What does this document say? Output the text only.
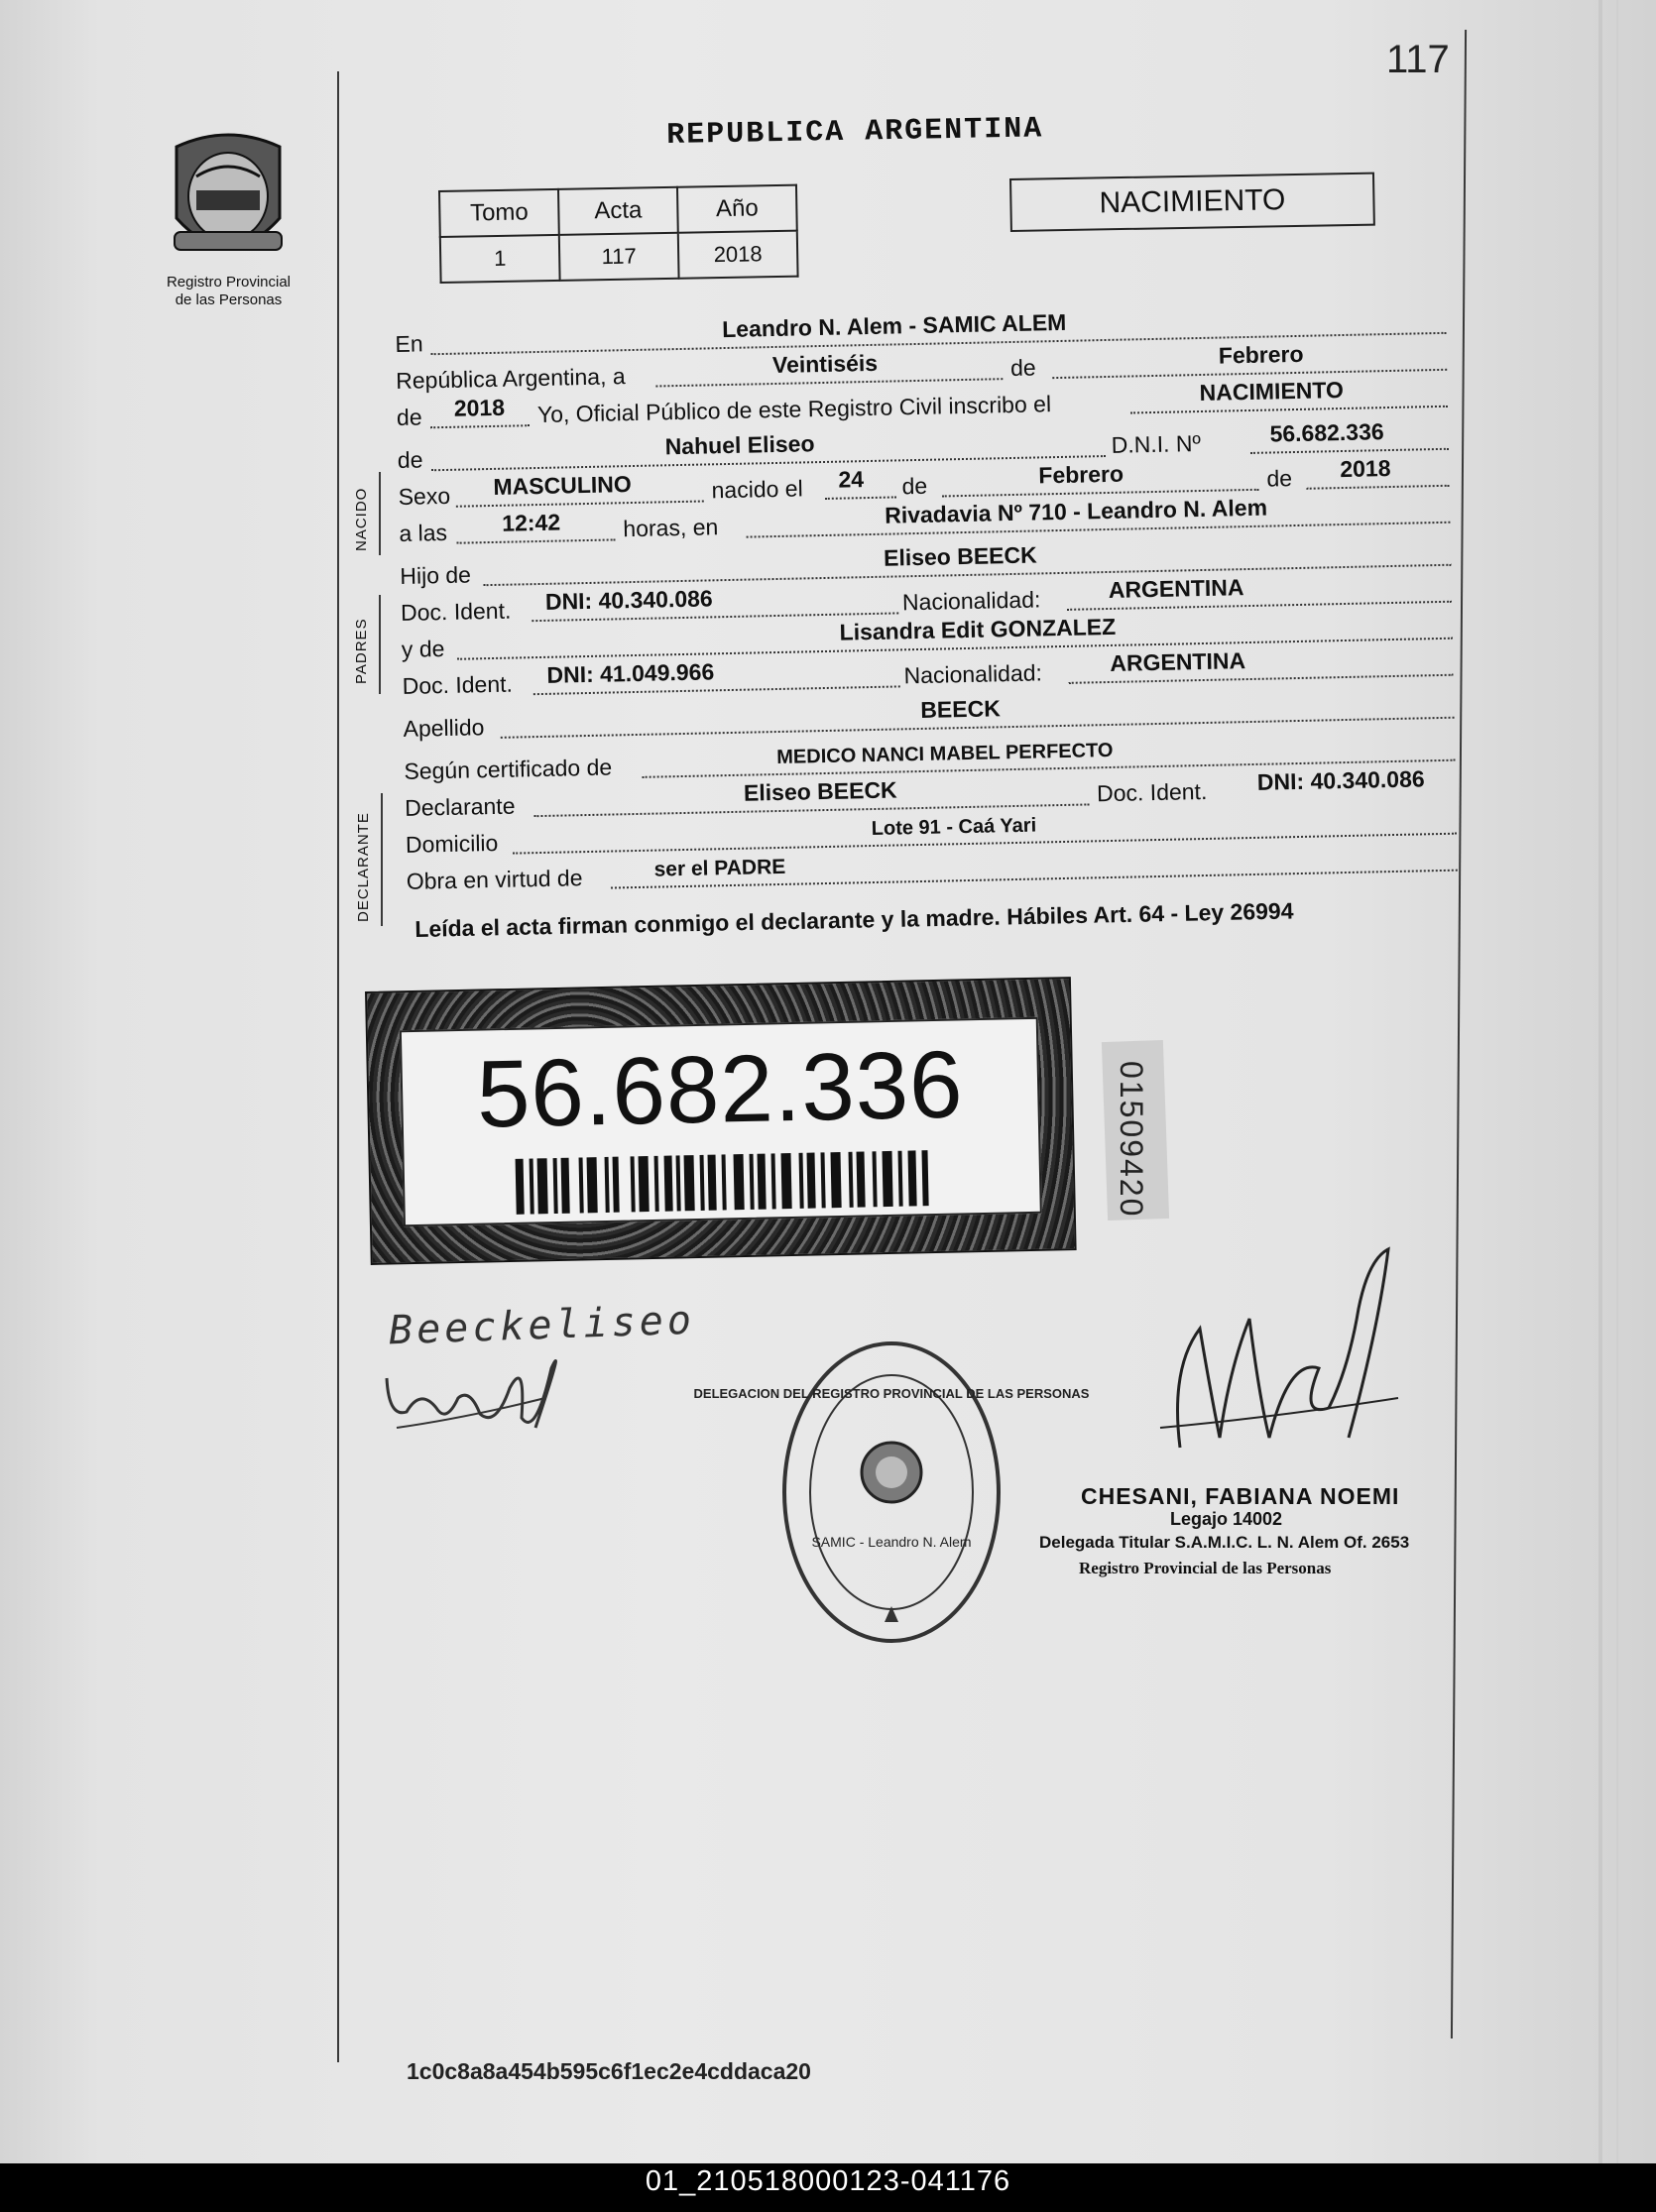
117
Registro Provincial
de las Personas
REPUBLICA ARGENTINA
Tomo	Acta	Año
1	117	2018
NACIMIENTO
En
Leandro N. Alem - SAMIC ALEM
República Argentina, a	Veintiséis	de	Febrero
de 2018 Yo, Oficial Público de este Registro Civil inscribo el	NACIMIENTO
de
Nahuel Eliseo	D.N.I. Nº	56.682.336
Sexo MASCULINO	nacido el 24 de	Febrero	de 2018
a las 12:42	horas, en	Rivadavia Nº 710 - Leandro N. Alem
Hijo de
Eliseo BEECK
Doc. Ident. DNI: 40.340.086	Nacionalidad:	ARGENTINA
y de
Lisandra Edit GONZALEZ
Doc. Ident. DNI: 41.049.966	Nacionalidad:	ARGENTINA
Apellido
BEECK
Según certificado de
MEDICO NANCI MABEL PERFECTO
Declarante
Eliseo BEECK	Doc. Ident. DNI: 40.340.086
Domicilio
Lote 91 - Caá Yari
Obra en virtud de	ser el PADRE
NACIDO
PADRES
DECLARANTE Leída el acta firman conmigo el declarante y la madre. Hábiles Art. 64 - Ley 26994
56.682.336	01509420
Beeckeliseo
DELEGACION DEL REGISTRO PROVINCIAL DE LAS PERSONAS
SAMIC - Leandro N. Alem
CHESANI, FABIANA NOEMI
Legajo 14002
Delegada Titular S.A.M.I.C. L. N. Alem Of. 2653
Registro Provincial de las Personas
1c0c8a8a454b595c6f1ec2e4cddaca20
01_210518000123-041176
